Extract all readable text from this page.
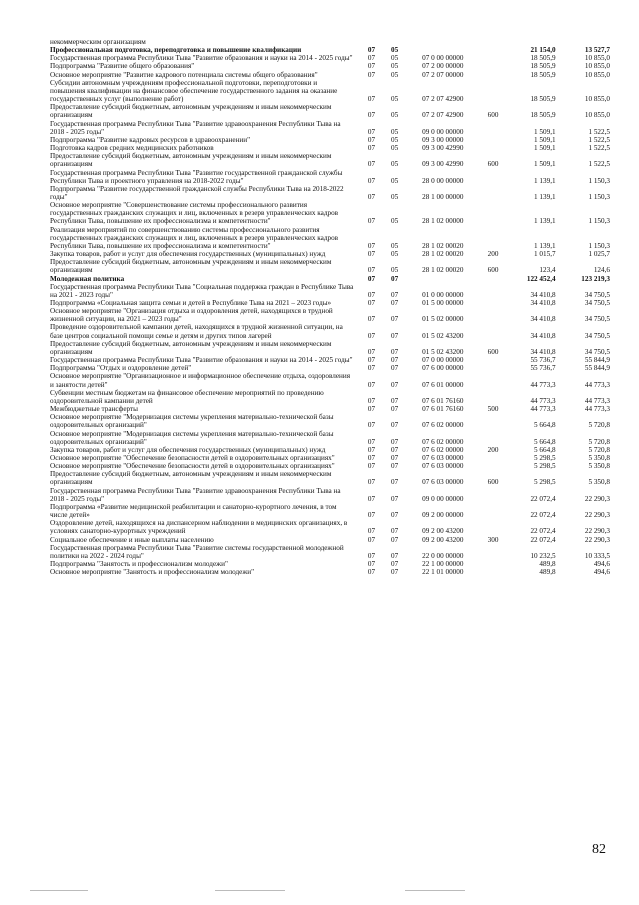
некоммерческим организациям						
Профессиональная подготовка, переподготовка и повышение квалификации	07	05			21 154,0	13 527,7
Государственная программа Республики Тыва "Развитие образования и науки на 2014 - 2025 годы"	07	05	07 0 00 00000		18 505,9	10 855,0
Подпрограмма "Развитие общего образования"	07	05	07 2 00 00000		18 505,9	10 855,0
Основное мероприятие "Развитие кадрового потенциала системы общего образования"	07	05	07 2 07 00000		18 505,9	10 855,0
Субсидии автономным учреждениям профессиональной подготовки, переподготовки и повышения квалификации на финансовое обеспечение государственного задания на оказание государственных услуг (выполнение работ)	07	05	07 2 07 42900		18 505,9	10 855,0
Предоставление субсидий бюджетным, автономным учреждениям и иным некоммерческим организациям	07	05	07 2 07 42900	600	18 505,9	10 855,0
Государственная программа Республики Тыва "Развитие здравоохранения Республики Тыва на 2018 - 2025 годы"	07	05	09 0 00 00000		1 509,1	1 522,5
Подпрограмма "Развитие кадровых ресурсов в здравоохранении"	07	05	09 3 00 00000		1 509,1	1 522,5
Подготовка кадров средних медицинских работников	07	05	09 3 00 42990		1 509,1	1 522,5
Предоставление субсидий бюджетным, автономным учреждениям и иным некоммерческим организациям	07	05	09 3 00 42990	600	1 509,1	1 522,5
Государственная программа Республики Тыва "Развитие государственной гражданской службы Республики Тыва и проектного управления на 2018-2022 годы"	07	05	28 0 00 00000		1 139,1	1 150,3
Подпрограмма "Развитие государственной гражданской службы Республики Тыва на 2018-2022 годы"	07	05	28 1 00 00000		1 139,1	1 150,3
Основное мероприятие "Совершенствование системы профессионального развития государственных гражданских служащих и лиц, включенных в резерв управленческих кадров Республики Тыва, повышение их профессионализма и компетентности"	07	05	28 1 02 00000		1 139,1	1 150,3
Реализация мероприятий по совершенствованию системы профессионального развития государственных гражданских служащих и лиц, включенных в резерв управленческих кадров Республики Тыва, повышение их профессионализма и компетентности"	07	05	28 1 02 00020		1 139,1	1 150,3
Закупка товаров, работ и услуг для обеспечения государственных (муниципальных) нужд	07	05	28 1 02 00020	200	1 015,7	1 025,7
Предоставление субсидий бюджетным, автономным учреждениям и иным некоммерческим организациям	07	05	28 1 02 00020	600	123,4	124,6
Молодежная политика	07	07			122 452,4	123 219,3
Государственная программа Республики Тыва "Социальная поддержка граждан в Республике Тыва на 2021 - 2023 годы"	07	07	01 0 00 00000		34 410,8	34 750,5
Подпрограмма «Социальная защита семьи и детей в Республике Тыва на 2021 – 2023 годы»	07	07	01 5 00 00000		34 410,8	34 750,5
Основное мероприятие "Организация отдыха и оздоровления детей, находящихся в трудной жизненной ситуации, на 2021 – 2023 годы"	07	07	01 5 02 00000		34 410,8	34 750,5
Проведение оздоровительной кампании детей, находящихся в трудной жизненной ситуации, на базе центров социальной помощи семье и детям и других типов лагерей	07	07	01 5 02 43200		34 410,8	34 750,5
Предоставление субсидий бюджетным, автономным учреждениям и иным некоммерческим организациям	07	07	01 5 02 43200	600	34 410,8	34 750,5
Государственная программа Республики Тыва "Развитие образования и науки на 2014 - 2025 годы"	07	07	07 0 00 00000		55 736,7	55 844,9
Подпрограмма "Отдых и оздоровление детей"	07	07	07 6 00 00000		55 736,7	55 844,9
Основное мероприятие "Организационное и информационное обеспечение отдыха, оздоровления и занятости детей"	07	07	07 6 01 00000		44 773,3	44 773,3
Субвенции местным бюджетам на финансовое обеспечение мероприятий по проведению оздоровительной кампании детей	07	07	07 6 01 76160		44 773,3	44 773,3
Межбюджетные трансферты	07	07	07 6 01 76160	500	44 773,3	44 773,3
Основное мероприятие "Модернизация системы укрепления материально-технической базы оздоровительных организаций"	07	07	07 6 02 00000		5 664,8	5 720,8
Основное мероприятие "Модернизация системы укрепления материально-технической базы оздоровительных организаций"	07	07	07 6 02 00000		5 664,8	5 720,8
Закупка товаров, работ и услуг для обеспечения государственных (муниципальных) нужд	07	07	07 6 02 00000	200	5 664,8	5 720,8
Основное мероприятие "Обеспечение безопасности детей в оздоровительных организациях"	07	07	07 6 03 00000		5 298,5	5 350,8
Основное мероприятие "Обеспечение безопасности детей в оздоровительных организациях"	07	07	07 6 03 00000		5 298,5	5 350,8
Предоставление субсидий бюджетным, автономным учреждениям и иным некоммерческим организациям	07	07	07 6 03 00000	600	5 298,5	5 350,8
Государственная программа Республики Тыва "Развитие здравоохранения Республики Тыва на 2018 - 2025 годы"	07	07	09 0 00 00000		22 072,4	22 290,3
Подпрограмма «Развитие медицинской реабилитации и санаторно-курортного лечения, в том числе детей»	07	07	09 2 00 00000		22 072,4	22 290,3
Оздоровление детей, находящихся на диспансерном наблюдении в медицинских организациях, в условиях санаторно-курортных учреждений	07	07	09 2 00 43200		22 072,4	22 290,3
Социальное обеспечение и иные выплаты населению	07	07	09 2 00 43200	300	22 072,4	22 290,3
Государственная программа Республики Тыва "Развитие системы государственной молодежной политики на 2022 - 2024 годы"	07	07	22 0 00 00000		10 232,5	10 333,5
Подпрограмма "Занятость и профессионализм молодежи"	07	07	22 1 00 00000		489,8	494,6
Основное мероприятие "Занятость и профессионализм молодежи"	07	07	22 1 01 00000		489,8	494,6
82
